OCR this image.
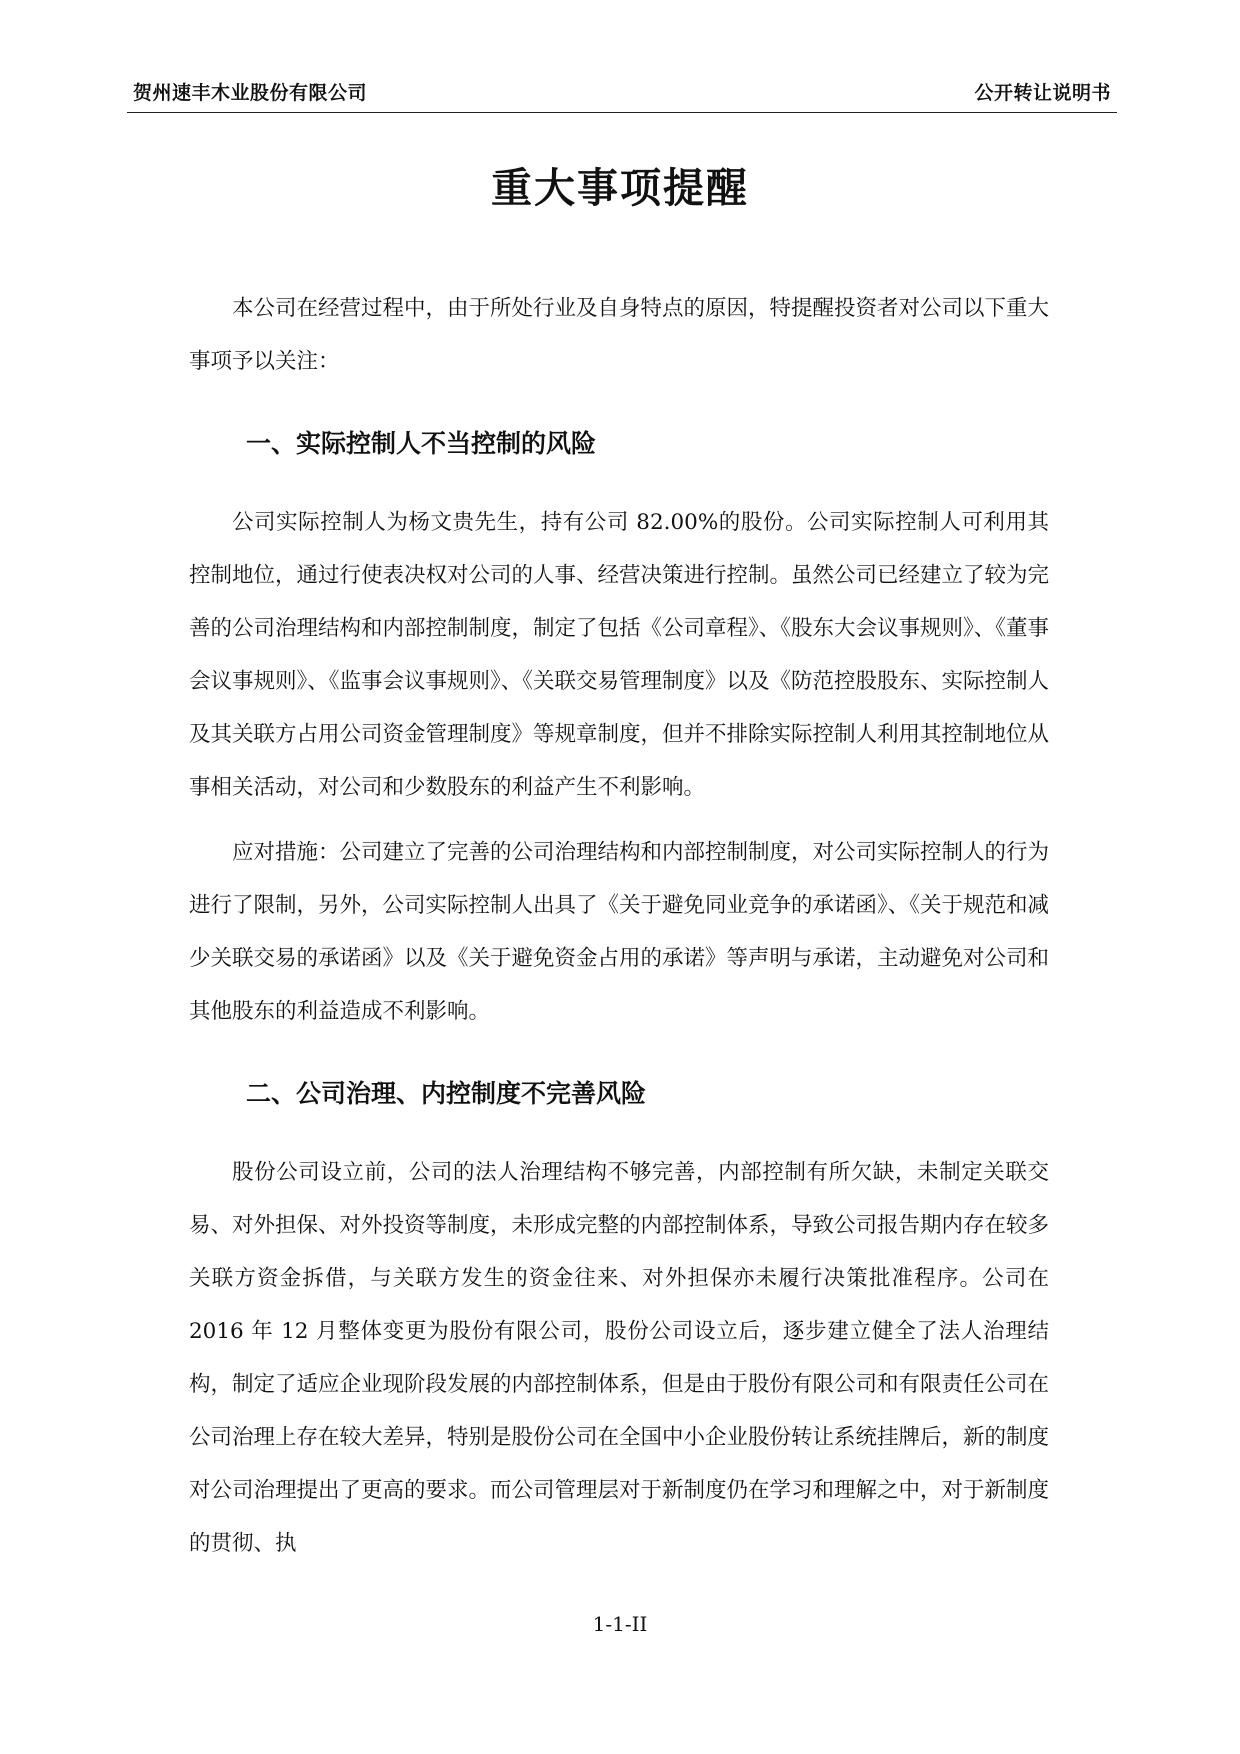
贺州速丰木业股份有限公司	公开转让说明书
重大事项提醒

本公司在经营过程中，由于所处行业及自身特点的原因，特提醒投资者对公司以下重大事项予以关注：

一、实际控制人不当控制的风险

公司实际控制人为杨文贵先生，持有公司 82.00%的股份。公司实际控制人可利用其控制地位，通过行使表决权对公司的人事、经营决策进行控制。虽然公司已经建立了较为完善的公司治理结构和内部控制制度，制定了包括《公司章程》、《股东大会议事规则》、《董事会议事规则》、《监事会议事规则》、《关联交易管理制度》以及《防范控股股东、实际控制人及其关联方占用公司资金管理制度》等规章制度，但并不排除实际控制人利用其控制地位从事相关活动，对公司和少数股东的利益产生不利影响。

应对措施：公司建立了完善的公司治理结构和内部控制制度，对公司实际控制人的行为进行了限制，另外，公司实际控制人出具了《关于避免同业竞争的承诺函》、《关于规范和减少关联交易的承诺函》以及《关于避免资金占用的承诺》等声明与承诺，主动避免对公司和其他股东的利益造成不利影响。

二、公司治理、内控制度不完善风险

股份公司设立前，公司的法人治理结构不够完善，内部控制有所欠缺，未制定关联交易、对外担保、对外投资等制度，未形成完整的内部控制体系，导致公司报告期内存在较多关联方资金拆借，与关联方发生的资金往来、对外担保亦未履行决策批准程序。公司在 2016 年 12 月整体变更为股份有限公司，股份公司设立后，逐步建立健全了法人治理结构，制定了适应企业现阶段发展的内部控制体系，但是由于股份有限公司和有限责任公司在公司治理上存在较大差异，特别是股份公司在全国中小企业股份转让系统挂牌后，新的制度对公司治理提出了更高的要求。而公司管理层对于新制度仍在学习和理解之中，对于新制度的贯彻、执

1-1-II
